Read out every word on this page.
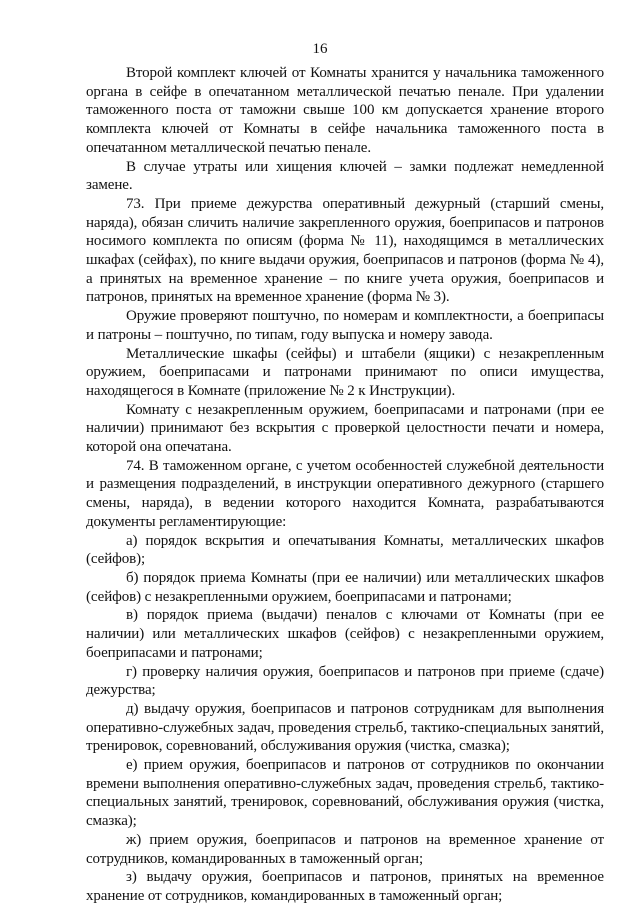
16

Второй комплект ключей от Комнаты хранится у начальника таможенного органа в сейфе в опечатанном металлической печатью пенале. При удалении таможенного поста от таможни свыше 100 км допускается хранение второго комплекта ключей от Комнаты в сейфе начальника таможенного поста в опечатанном металлической печатью пенале.

В случае утраты или хищения ключей – замки подлежат немедленной замене.

73. При приеме дежурства оперативный дежурный (старший смены, наряда), обязан сличить наличие закрепленного оружия, боеприпасов и патронов носимого комплекта по описям (форма № 11), находящимся в металлических шкафах (сейфах), по книге выдачи оружия, боеприпасов и патронов (форма № 4), а принятых на временное хранение – по книге учета оружия, боеприпасов и патронов, принятых на временное хранение (форма № 3).

Оружие проверяют поштучно, по номерам и комплектности, а боеприпасы и патроны – поштучно, по типам, году выпуска и номеру завода.

Металлические шкафы (сейфы) и штабели (ящики) с незакрепленным оружием, боеприпасами и патронами принимают по описи имущества, находящегося в Комнате (приложение № 2 к Инструкции).

Комнату с незакрепленным оружием, боеприпасами и патронами (при ее наличии) принимают без вскрытия с проверкой целостности печати и номера, которой она опечатана.

74. В таможенном органе, с учетом особенностей служебной деятельности и размещения подразделений, в инструкции оперативного дежурного (старшего смены, наряда), в ведении которого находится Комната, разрабатываются документы регламентирующие:

а) порядок вскрытия и опечатывания Комнаты, металлических шкафов (сейфов);

б) порядок приема Комнаты (при ее наличии) или металлических шкафов (сейфов) с незакрепленными оружием, боеприпасами и патронами;

в) порядок приема (выдачи) пеналов с ключами от Комнаты (при ее наличии) или металлических шкафов (сейфов) с незакрепленными оружием, боеприпасами и патронами;

г) проверку наличия оружия, боеприпасов и патронов при приеме (сдаче) дежурства;

д) выдачу оружия, боеприпасов и патронов сотрудникам для выполнения оперативно-служебных задач, проведения стрельб, тактико-специальных занятий, тренировок, соревнований, обслуживания оружия (чистка, смазка);

е) прием оружия, боеприпасов и патронов от сотрудников по окончании времени выполнения оперативно-служебных задач, проведения стрельб, тактико-специальных занятий, тренировок, соревнований, обслуживания оружия (чистка, смазка);

ж) прием оружия, боеприпасов и патронов на временное хранение от сотрудников, командированных в таможенный орган;

з) выдачу оружия, боеприпасов и патронов, принятых на временное хранение от сотрудников, командированных в таможенный орган;
